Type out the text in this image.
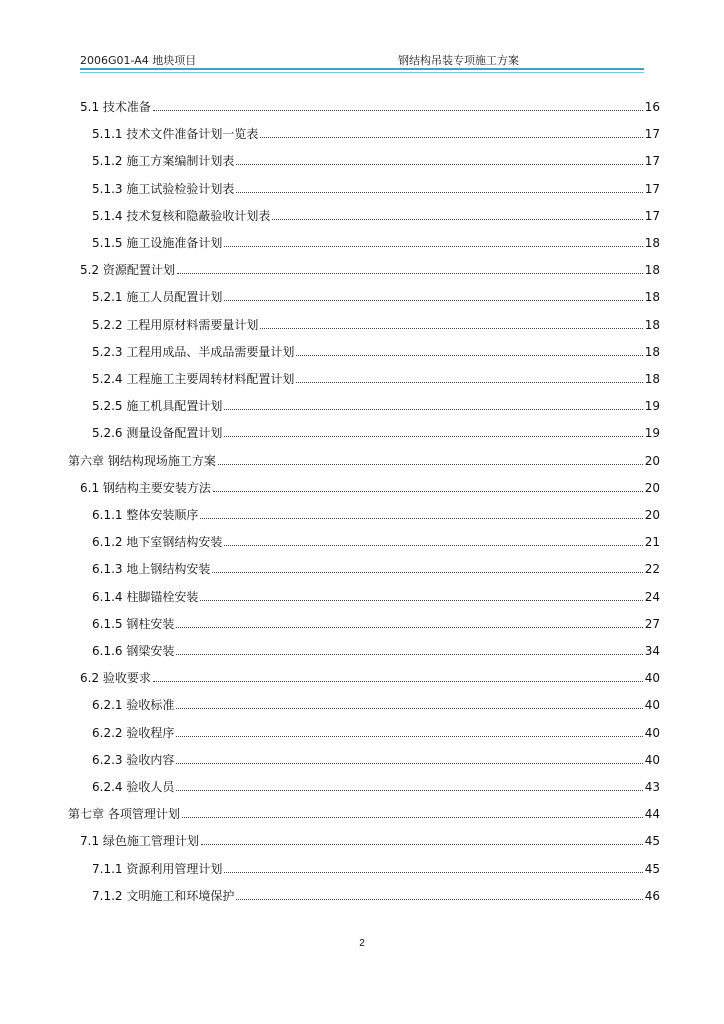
2006G01-A4 地块项目	钢结构吊装专项施工方案
5.1 技术准备	16
5.1.1 技术文件准备计划一览表	17
5.1.2 施工方案编制计划表	17
5.1.3 施工试验检验计划表	17
5.1.4 技术复核和隐蔽验收计划表	17
5.1.5 施工设施准备计划	18
5.2 资源配置计划	18
5.2.1 施工人员配置计划	18
5.2.2 工程用原材料需要量计划	18
5.2.3 工程用成品、半成品需要量计划	18
5.2.4 工程施工主要周转材料配置计划	18
5.2.5 施工机具配置计划	19
5.2.6 测量设备配置计划	19
第六章 钢结构现场施工方案	20
6.1 钢结构主要安装方法	20
6.1.1 整体安装顺序	20
6.1.2 地下室钢结构安装	21
6.1.3 地上钢结构安装	22
6.1.4 柱脚锚栓安装	24
6.1.5 钢柱安装	27
6.1.6 钢梁安装	34
6.2 验收要求	40
6.2.1 验收标准	40
6.2.2 验收程序	40
6.2.3 验收内容	40
6.2.4 验收人员	43
第七章 各项管理计划	44
7.1 绿色施工管理计划	45
7.1.1 资源利用管理计划	45
7.1.2 文明施工和环境保护	46
2
